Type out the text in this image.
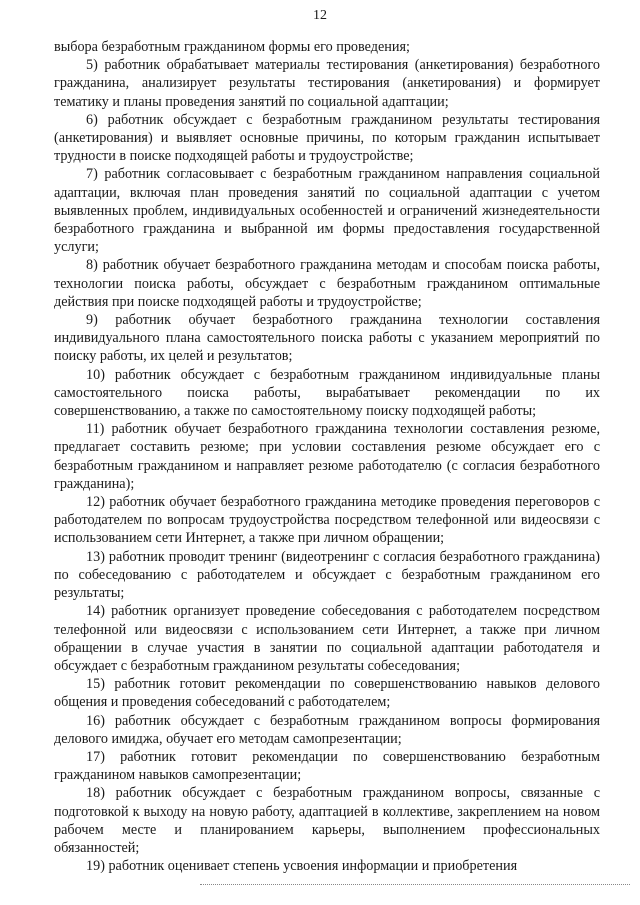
12

выбора безработным гражданином формы его проведения;

5) работник обрабатывает материалы тестирования (анкетирования) безработного гражданина, анализирует результаты тестирования (анкетирования) и формирует тематику и планы проведения занятий по социальной адаптации;

6) работник обсуждает с безработным гражданином результаты тестирования (анкетирования) и выявляет основные причины, по которым гражданин испытывает трудности в поиске подходящей работы и трудоустройстве;

7) работник согласовывает с безработным гражданином направления социальной адаптации, включая план проведения занятий по социальной адаптации с учетом выявленных проблем, индивидуальных особенностей и ограничений жизнедеятельности безработного гражданина и выбранной им формы предоставления государственной услуги;

8) работник обучает безработного гражданина методам и способам поиска работы, технологии поиска работы, обсуждает с безработным гражданином оптимальные действия при поиске подходящей работы и трудоустройстве;

9) работник обучает безработного гражданина технологии составления индивидуального плана самостоятельного поиска работы с указанием мероприятий по поиску работы, их целей и результатов;

10) работник обсуждает с безработным гражданином индивидуальные планы самостоятельного поиска работы, вырабатывает рекомендации по их совершенствованию, а также по самостоятельному поиску подходящей работы;

11) работник обучает безработного гражданина технологии составления резюме, предлагает составить резюме; при условии составления резюме обсуждает его с безработным гражданином и направляет резюме работодателю (с согласия безработного гражданина);

12) работник обучает безработного гражданина методике проведения переговоров с работодателем по вопросам трудоустройства посредством телефонной или видеосвязи с использованием сети Интернет, а также при личном обращении;

13) работник проводит тренинг (видеотренинг с согласия безработного гражданина) по собеседованию с работодателем и обсуждает с безработным гражданином его результаты;

14) работник организует проведение собеседования с работодателем посредством телефонной или видеосвязи с использованием сети Интернет, а также при личном обращении в случае участия в занятии по социальной адаптации работодателя и обсуждает с безработным гражданином результаты собеседования;

15) работник готовит рекомендации по совершенствованию навыков делового общения и проведения собеседований с работодателем;

16) работник обсуждает с безработным гражданином вопросы формирования делового имиджа, обучает его методам самопрезентации;

17) работник готовит рекомендации по совершенствованию безработным гражданином навыков самопрезентации;

18) работник обсуждает с безработным гражданином вопросы, связанные с подготовкой к выходу на новую работу, адаптацией в коллективе, закреплением на новом рабочем месте и планированием карьеры, выполнением профессиональных обязанностей;

19) работник оценивает степень усвоения информации и приобретения
